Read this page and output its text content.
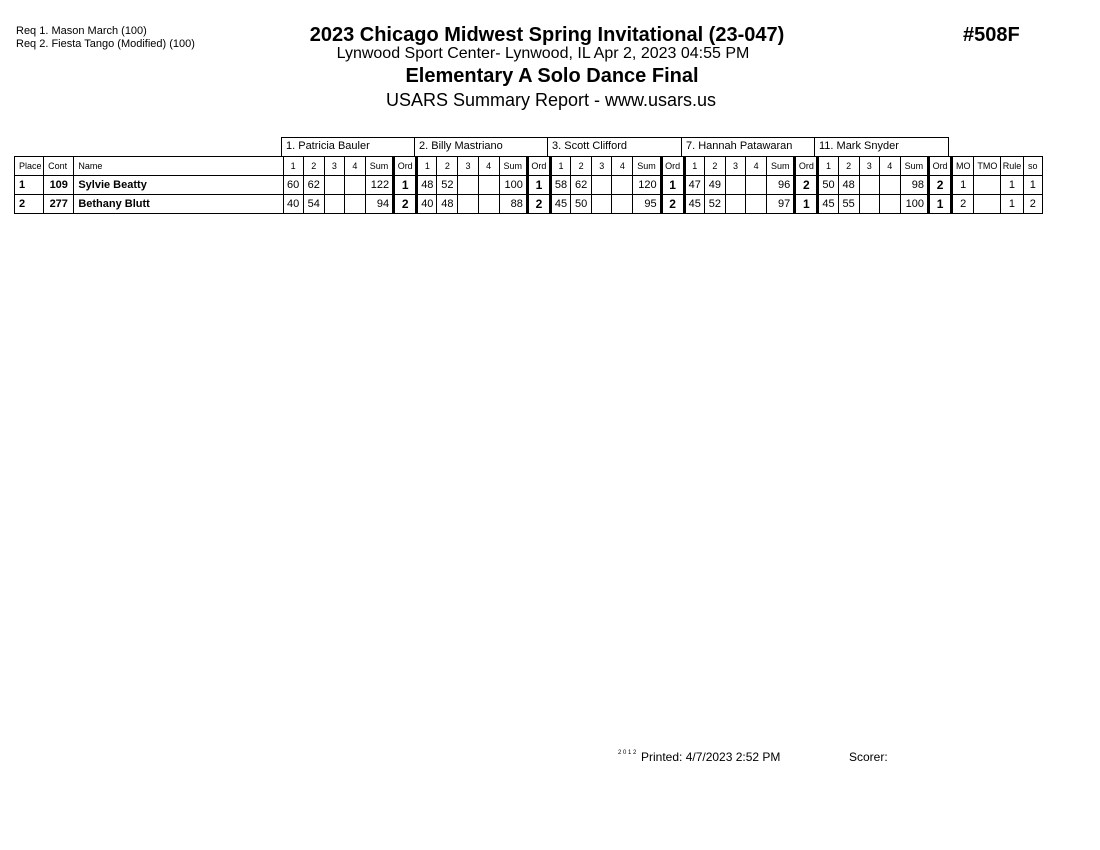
Req 1. Mason March (100)
Req 2. Fiesta Tango (Modified) (100)	2023 Chicago Midwest Spring Invitational (23-047)
Lynwood Sport Center- Lynwood, IL Apr 2, 2023 04:55 PM
Elementary A Solo Dance Final
USARS Summary Report - www.usars.us
#508F
1. Patricia Bauler	2. Billy Mastriano	3. Scott Clifford	7. Hannah Patawaran	11. Mark Snyder
Place	Cont	Name	1	2	3	4	Sum	Ord	1	2	3	4	Sum	Ord	1	2	3	4	Sum	Ord	1	2	3	4	Sum	Ord	1	2	3	4	Sum	Ord	MO	TMO	Rule	so
1	109	Sylvie Beatty	60	62			122	1	48	52			100	1	58	62			120	1	47	49			96	2	50	48			98	2	1		1	1
2	277	Bethany Blutt	40	54			94	2	40	48			88	2	45	50			95	2	45	52			97	1	45	55			100	1	2		1	2
2 0 1 2 Printed: 4/7/2023 2:52 PM	Scorer:
